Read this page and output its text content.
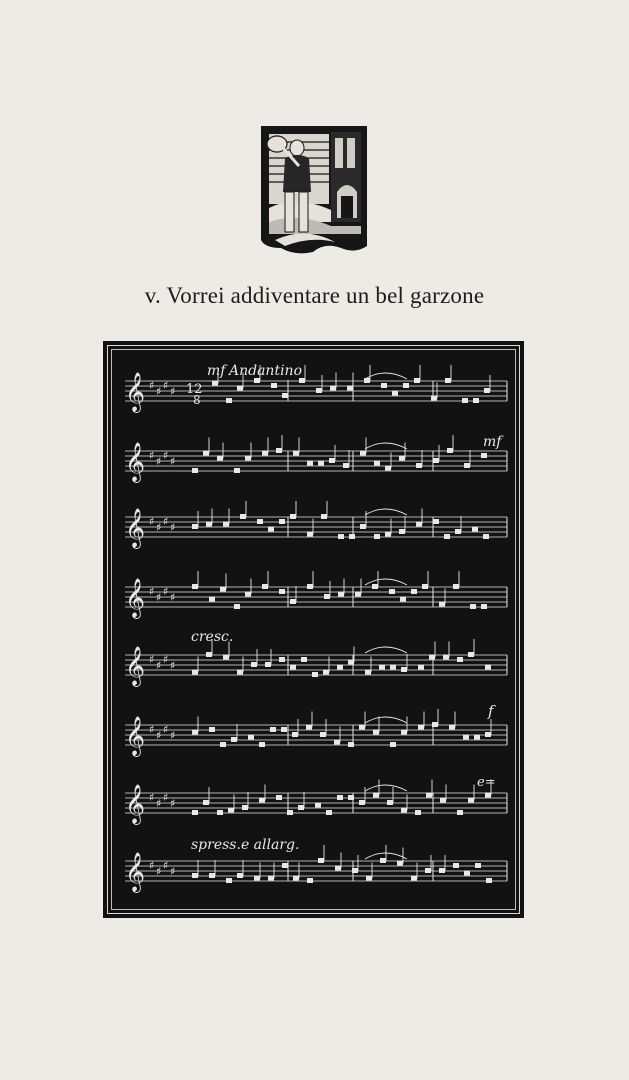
v. Vorrei addiventare un bel garzone
𝄞 ♯ ♯ ♯ ♯
𝄞 ♯ ♯ ♯ ♯
𝄞 ♯ ♯ ♯ ♯
𝄞 ♯ ♯ ♯ ♯
𝄞 ♯ ♯ ♯ ♯
𝄞 ♯ ♯ ♯ ♯
𝄞 ♯ ♯ ♯ ♯
𝄞 ♯ ♯ ♯ ♯
12
8
mf Andantino
mf
cresc.
f
e=
spress.e allarg.
